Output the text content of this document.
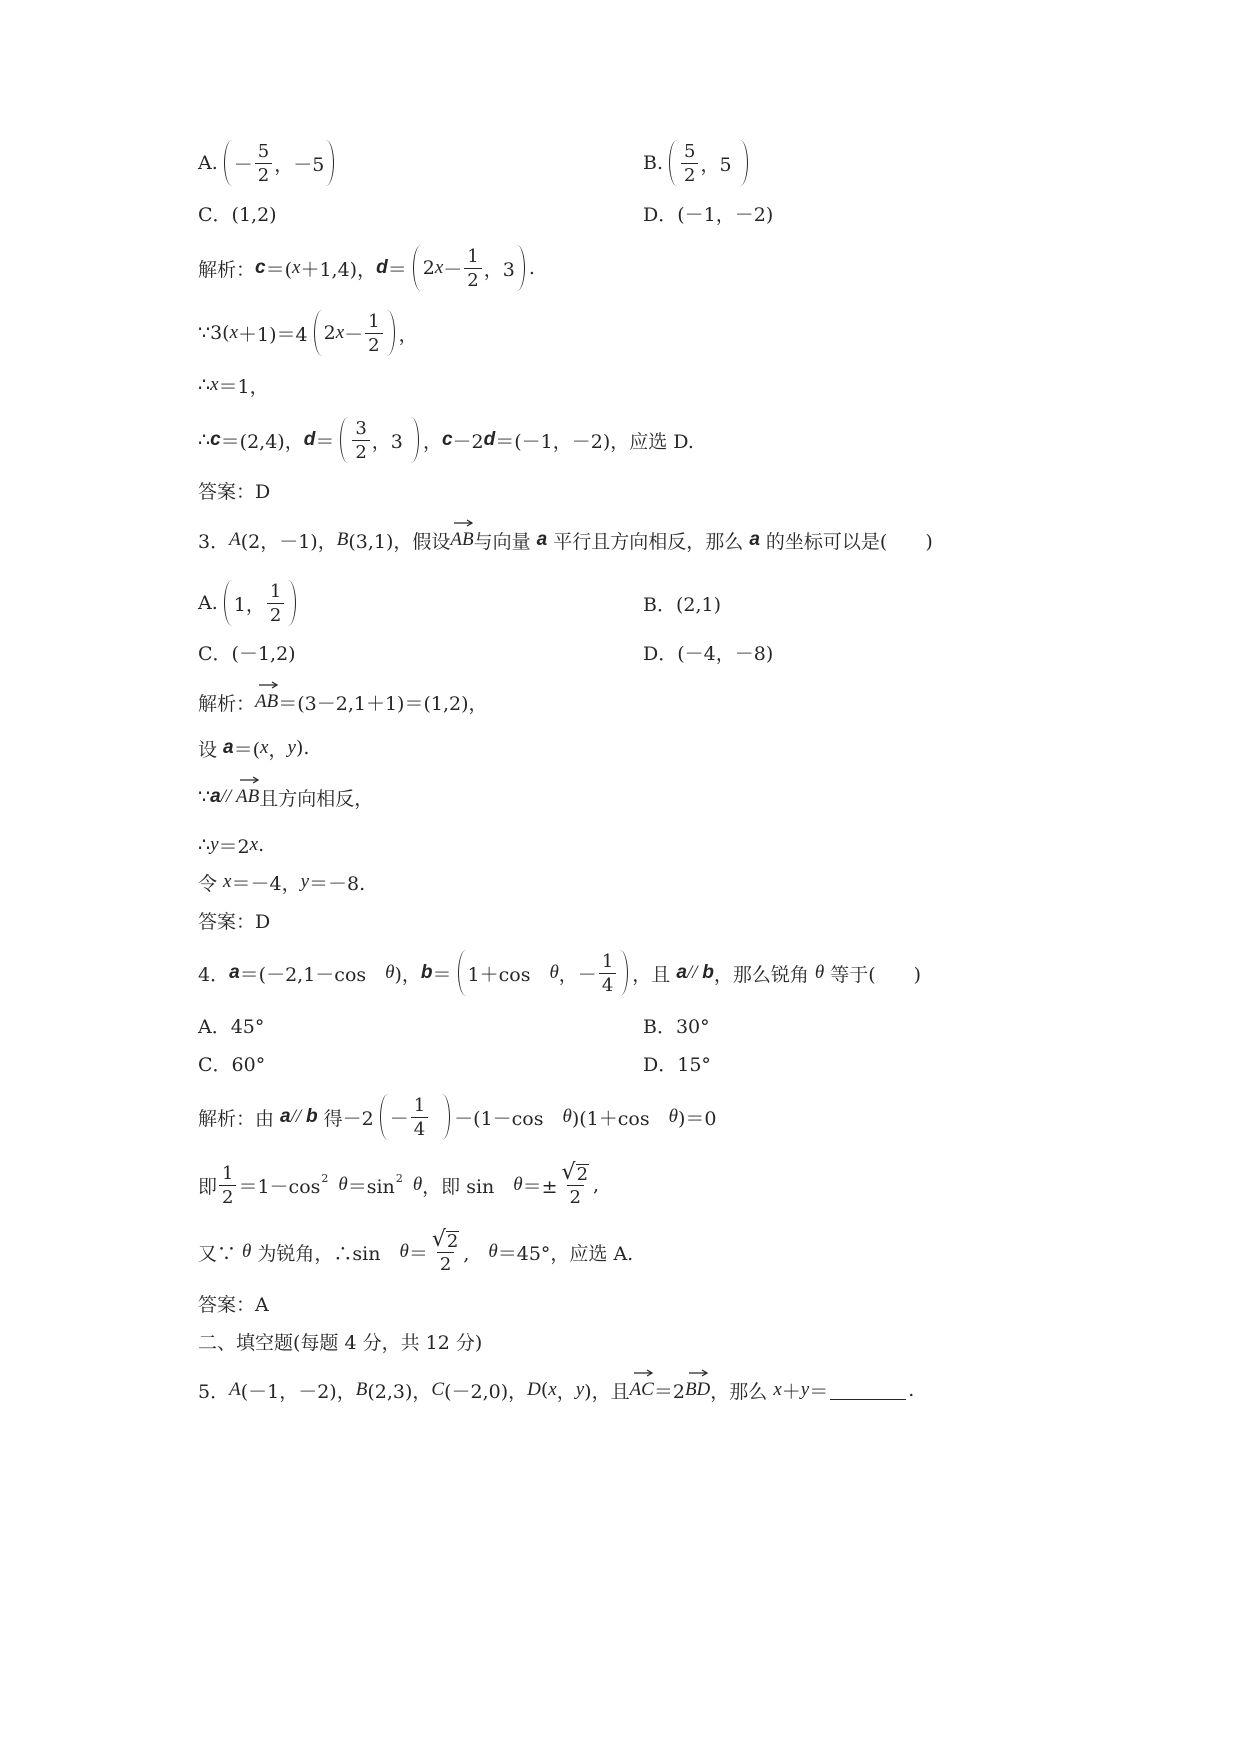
A. － $\frac{5}{2}$ ，－5	B. $\frac{5}{2}$ ，5
C．(1,2)	D．(－1，－2)
解析： c ＝( x ＋1,4)， d ＝ 2 $x - \frac{1}{2}$ ，3 .
∵3( x ＋1)＝4 2 $x - \frac{1}{2}$ ，
∴ x ＝1，
∴ c ＝(2,4)， $d = \frac{3}{2}$ ，3 ， c －2 d ＝(－1，－2)，应选 D.
答案：D
3． A (2，－1)， B (3,1)，假设 AB 与向量 a 平行且方向相反，那么 a 的坐标可以是(　　)
A. 1， $\frac{1}{2}$	B．(2,1)
C．(－1,2)	D．(－4，－8)
解析： AB ＝(3－2,1＋1)＝(1,2)，
设 a ＝( x ， y ).
∵ a // AB 且方向相反，
∴ y ＝2 x .
令 x ＝－4， y ＝－8.
答案：D
4． a ＝(－2,1－cos　 θ )， b ＝ 1＋cos　 θ ，－ $\frac{1}{4}$ ，且 a // b ，那么锐角 θ 等于(　　)
A．45°	B．30°
C．60°	D．15°
解析：由 a // b 得$-2 - \frac{1}{4} -(1-\cos$　 θ )(1＋cos　 θ )＝0
即 $\frac{1}{2} =1-\cos$ 2 θ ＝sin 2 θ ，即 sin　 $\theta =\pm \frac{√ 2}{2}$ ,
又∵ θ 为锐角，∴sin　 $\theta = \frac{√ 2}{2}$ ,　 θ ＝45°，应选 A.
答案：A
二、填空题(每题 4 分，共 12 分)
5． A (－1，－2)， B (2,3)， C (－2,0)， D ( x ， y )，且 AC ＝2 BD ，那么 x ＋ y ＝	.
